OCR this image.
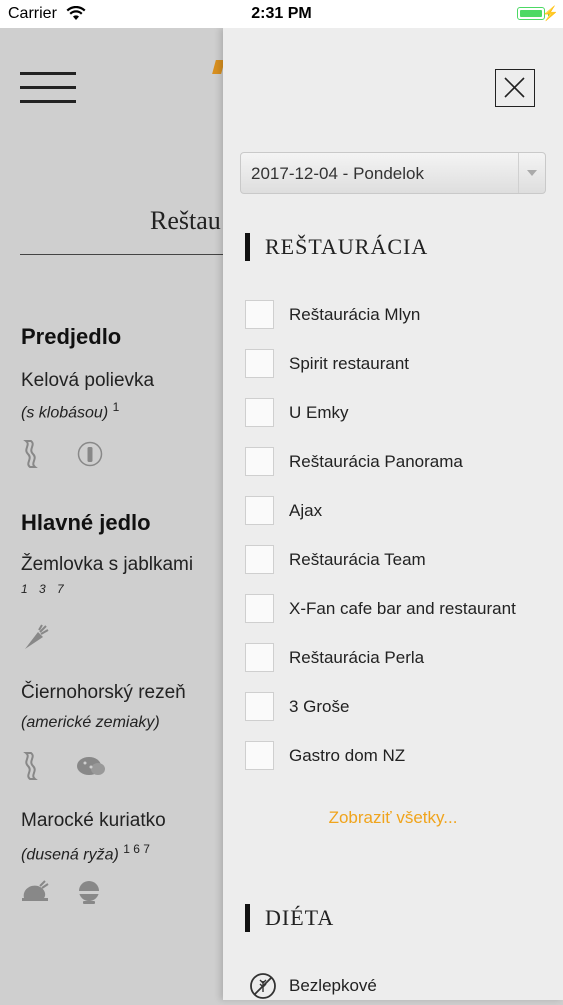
Carrier	2:31 PM	⚡
Reštau
Predjedlo
Kelová polievka
(s klobásou) $^1$
Hlavné jedlo
Žemlovka s jablkami
1 3 7
Čiernohorský rezeň
(americké zemiaky)
Marocké kuriatko
(dusená ryža) $^{1 6 7}$
2017-12-04 - Pondelok
REŠTAURÁCIA
Reštaurácia Mlyn
Spirit restaurant
U Emky
Reštaurácia Panorama
Ajax
Reštaurácia Team
X-Fan cafe bar and restaurant
Reštaurácia Perla
3 Groše
Gastro dom NZ
Zobraziť všetky...
DIÉTA
Bezlepkové
